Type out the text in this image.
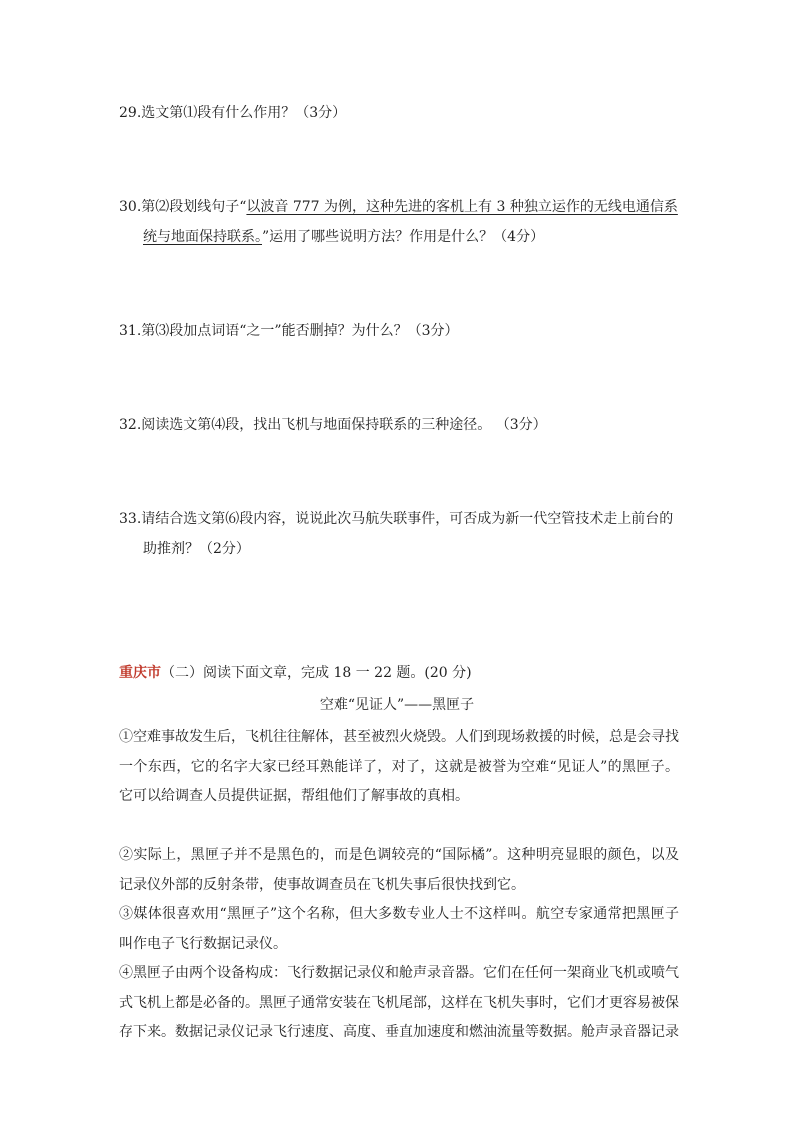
29.选文第⑴段有什么作用？（3分）
30.第⑵段划线句子“以波音 777 为例，这种先进的客机上有 3 种独立运作的无线电通信系
统与地面保持联系。”运用了哪些说明方法？作用是什么？（4分）
31.第⑶段加点词语“之一”能否删掉？为什么？（3分）
32.阅读选文第⑷段，找出飞机与地面保持联系的三种途径。 （3分）
33.请结合选文第⑹段内容，说说此次马航失联事件，可否成为新一代空管技术走上前台的
助推剂？（2分）
重庆市（二）阅读下面文章，完成 18 一 22 题。(20 分)
空难“见证人”——黑匣子
①空难事故发生后，飞机往往解体，甚至被烈火烧毁。人们到现场救援的时候，总是会寻找一个东西，它的名字大家已经耳熟能详了，对了，这就是被誉为空难“见证人”的黑匣子。它可以给调查人员提供证据，帮组他们了解事故的真相。
②实际上，黑匣子并不是黑色的，而是色调较亮的“国际橘”。这种明亮显眼的颜色，以及记录仪外部的反射条带，使事故调查员在飞机失事后很快找到它。
③媒体很喜欢用“黑匣子”这个名称，但大多数专业人士不这样叫。航空专家通常把黑匣子叫作电子飞行数据记录仪。
④黑匣子由两个设备构成：飞行数据记录仪和舱声录音器。它们在任何一架商业飞机或喷气式飞机上都是必备的。黑匣子通常安装在飞机尾部，这样在飞机失事时，它们才更容易被保存下来。数据记录仪记录飞行速度、高度、垂直加速度和燃油流量等数据。舱声录音器记录
